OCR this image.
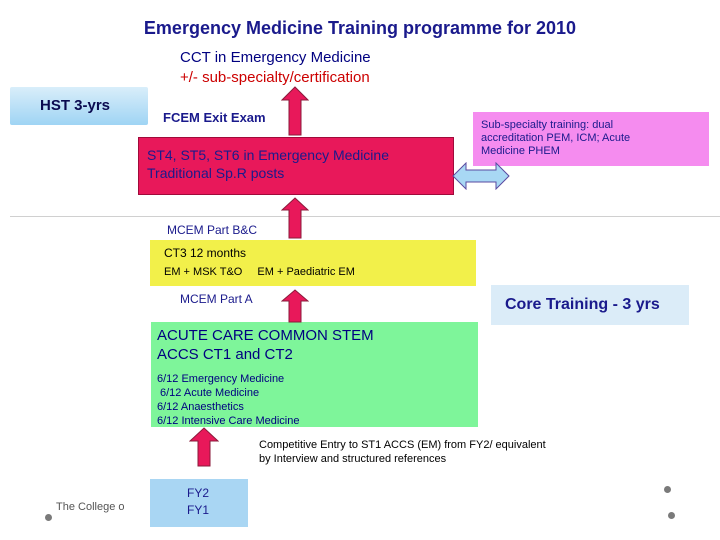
Emergency Medicine Training programme for 2010
CCT in Emergency Medicine
+/- sub-specialty/certification
HST 3-yrs
FCEM Exit Exam
ST4, ST5, ST6 in Emergency Medicine
Traditional Sp.R posts
Sub-specialty training: dual
accreditation PEM, ICM; Acute
Medicine PHEM
MCEM Part B&C
CT3 12 months
EM + MSK T&O EM + Paediatric EM
MCEM Part A	Core Training - 3 yrs
ACUTE CARE COMMON STEM
ACCS CT1 and CT2
6/12 Emergency Medicine
6/12 Acute Medicine
6/12 Anaesthetics
6/12 Intensive Care Medicine
Competitive Entry to ST1 ACCS (EM) from FY2/ equivalent
by Interview and structured references
The College o
FY2
FY1
